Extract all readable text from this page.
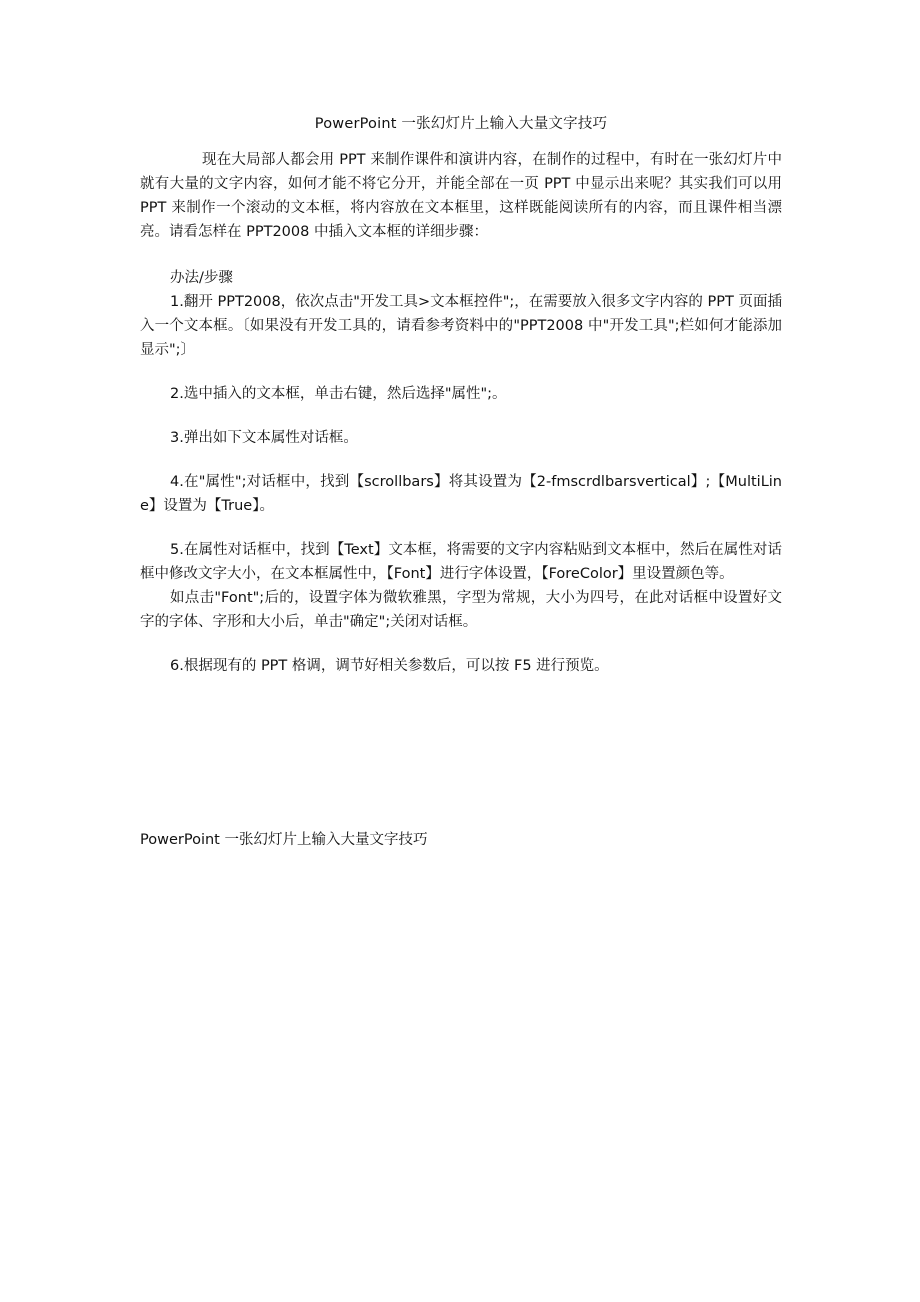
PowerPoint 一张幻灯片上输入大量文字技巧

现在大局部人都会用 PPT 来制作课件和演讲内容，在制作的过程中，有时在一张幻灯片中就有大量的文字内容，如何才能不将它分开，并能全部在一页 PPT 中显示出来呢？其实我们可以用 PPT 来制作一个滚动的文本框，将内容放在文本框里，这样既能阅读所有的内容，而且课件相当漂亮。请看怎样在 PPT2008 中插入文本框的详细步骤：

办法/步骤

1.翻开 PPT2008，依次点击"开发工具>文本框控件";，在需要放入很多文字内容的 PPT 页面插入一个文本框。〔如果没有开发工具的，请看参考资料中的"PPT2008 中"开发工具";栏如何才能添加显示";〕

2.选中插入的文本框，单击右键，然后选择"属性";。

3.弹出如下文本属性对话框。

4.在"属性";对话框中，找到【scrollbars】将其设置为【2-fmscrdlbarsvertical】;【MultiLine】设置为【True】。

5.在属性对话框中，找到【Text】文本框，将需要的文字内容粘贴到文本框中，然后在属性对话框中修改文字大小，在文本框属性中，【Font】进行字体设置，【ForeColor】里设置颜色等。

如点击"Font";后的，设置字体为微软雅黑，字型为常规，大小为四号，在此对话框中设置好文字的字体、字形和大小后，单击"确定";关闭对话框。

6.根据现有的 PPT 格调，调节好相关参数后，可以按 F5 进行预览。

PowerPoint 一张幻灯片上输入大量文字技巧
